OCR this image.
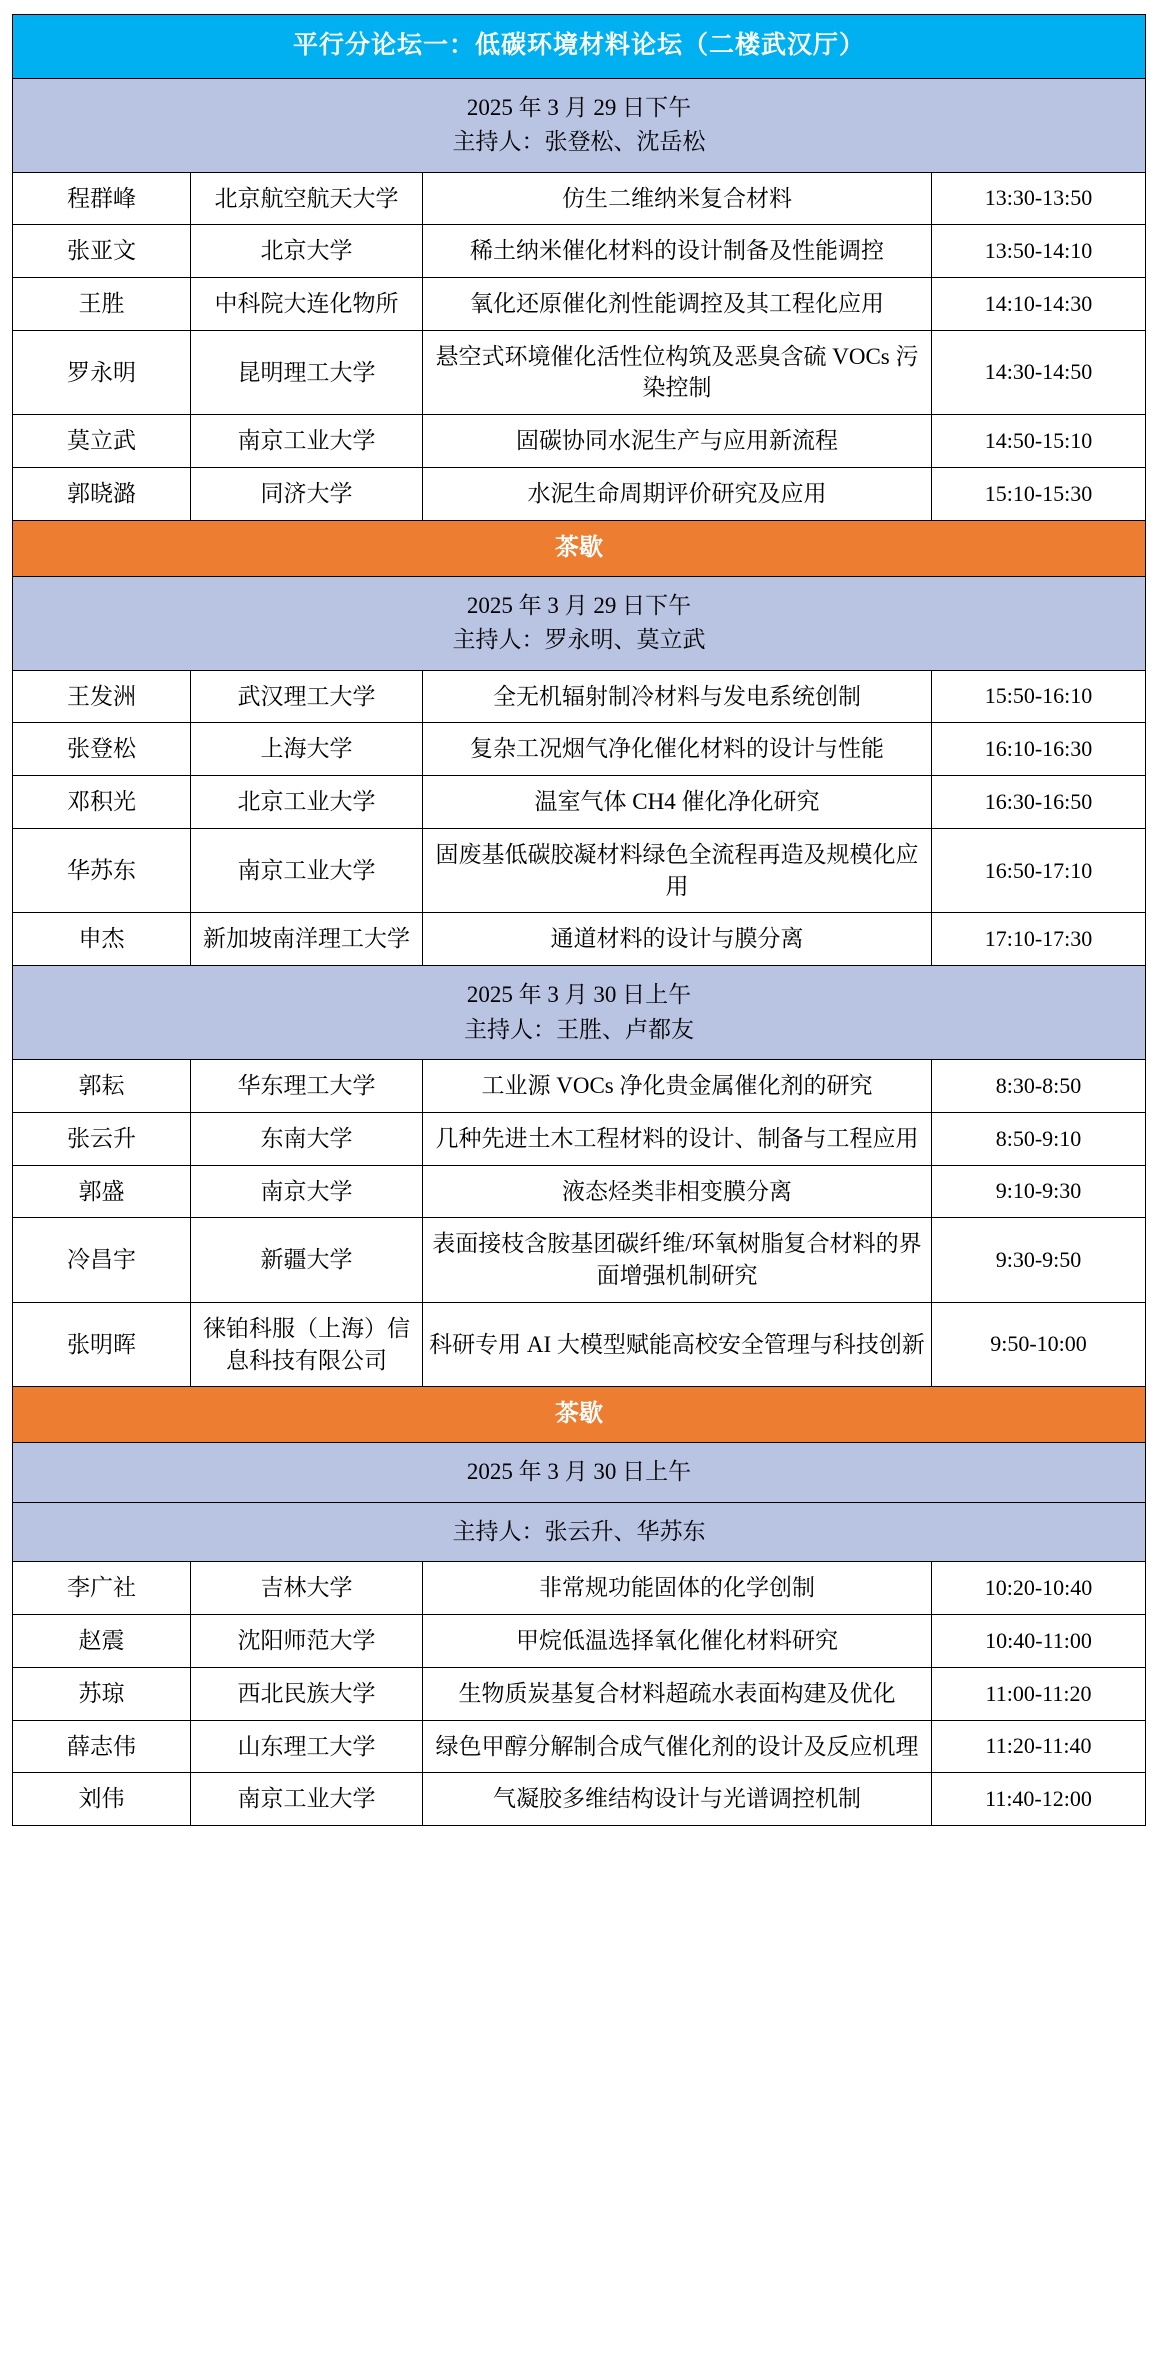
平行分论坛一：低碳环境材料论坛（二楼武汉厅）			

2025 年 3 月 29 日下午
主持人：张登松、沈岳松			

程群峰	北京航空航天大学	仿生二维纳米复合材料	13:30-13:50
张亚文	北京大学	稀土纳米催化材料的设计制备及性能调控	13:50-14:10
王胜	中科院大连化物所	氧化还原催化剂性能调控及其工程化应用	14:10-14:30
罗永明	昆明理工大学	悬空式环境催化活性位构筑及恶臭含硫 VOCs 污染控制	14:30-14:50
莫立武	南京工业大学	固碳协同水泥生产与应用新流程	14:50-15:10
郭晓潞	同济大学	水泥生命周期评价研究及应用	15:10-15:30
茶歇			

2025 年 3 月 29 日下午
主持人：罗永明、莫立武			

王发洲	武汉理工大学	全无机辐射制冷材料与发电系统创制	15:50-16:10
张登松	上海大学	复杂工况烟气净化催化材料的设计与性能	16:10-16:30
邓积光	北京工业大学	温室气体 CH4 催化净化研究	16:30-16:50
华苏东	南京工业大学	固废基低碳胶凝材料绿色全流程再造及规模化应用	16:50-17:10
申杰	新加坡南洋理工大学	通道材料的设计与膜分离	17:10-17:30

2025 年 3 月 30 日上午
主持人：王胜、卢都友			

郭耘	华东理工大学	工业源 VOCs 净化贵金属催化剂的研究	8:30-8:50
张云升	东南大学	几种先进土木工程材料的设计、制备与工程应用	8:50-9:10
郭盛	南京大学	液态烃类非相变膜分离	9:10-9:30
冷昌宇	新疆大学	表面接枝含胺基团碳纤维/环氧树脂复合材料的界面增强机制研究	9:30-9:50
张明晖	徕铂科服（上海）信息科技有限公司	科研专用 AI 大模型赋能高校安全管理与科技创新	9:50-10:00
茶歇			

2025 年 3 月 30 日上午			

主持人：张云升、华苏东			

李广社	吉林大学	非常规功能固体的化学创制	10:20-10:40
赵震	沈阳师范大学	甲烷低温选择氧化催化材料研究	10:40-11:00
苏琼	西北民族大学	生物质炭基复合材料超疏水表面构建及优化	11:00-11:20
薛志伟	山东理工大学	绿色甲醇分解制合成气催化剂的设计及反应机理	11:20-11:40
刘伟	南京工业大学	气凝胶多维结构设计与光谱调控机制	11:40-12:00
